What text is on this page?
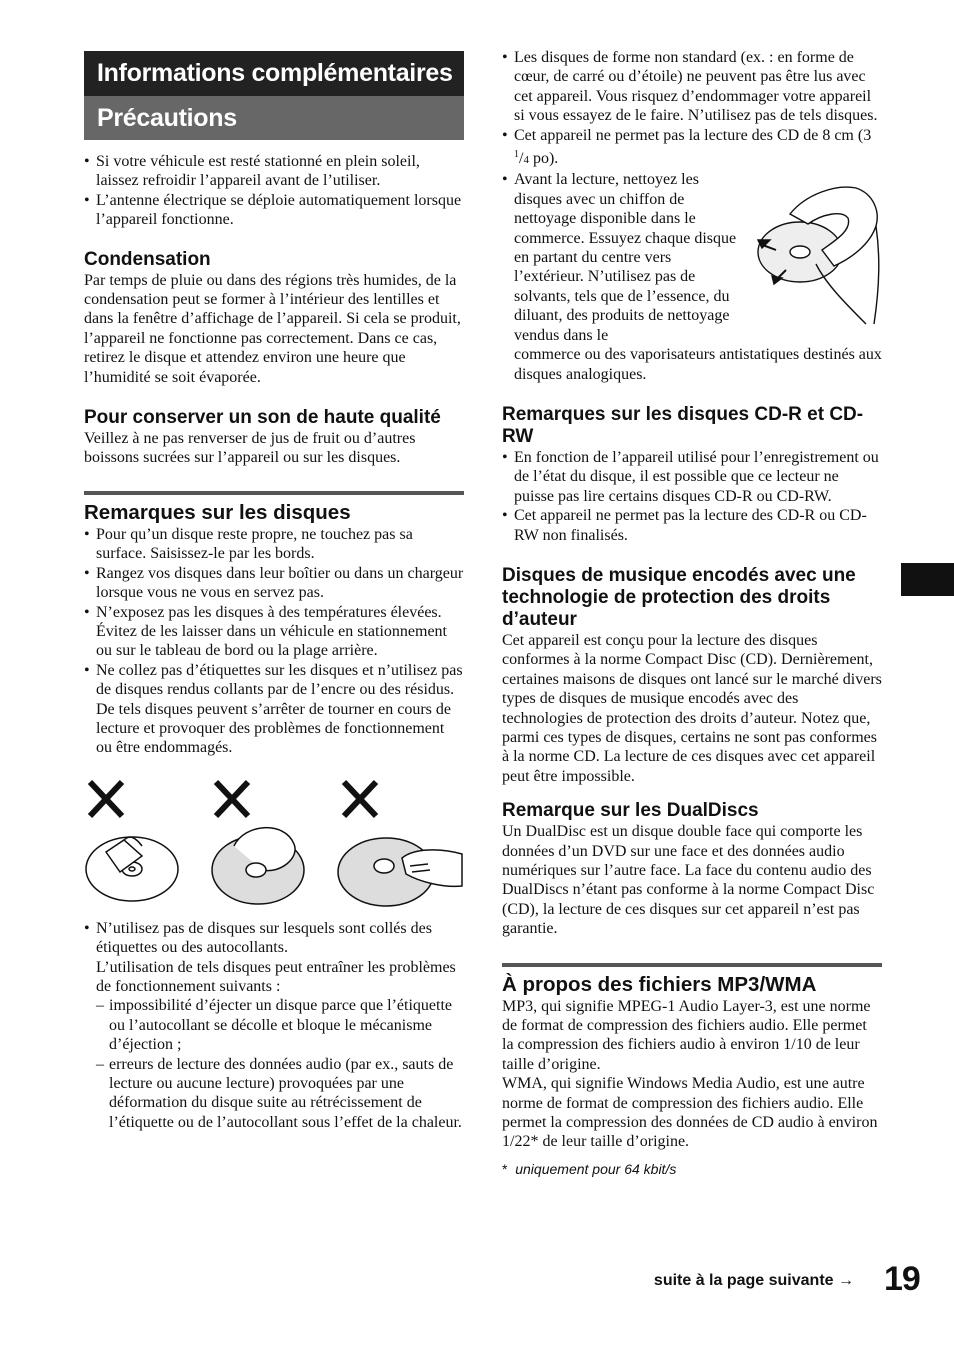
Informations complémentaires
Précautions
• Si votre véhicule est resté stationné en plein soleil, laissez refroidir l’appareil avant de l’utiliser.
• L’antenne électrique se déploie automatiquement lorsque l’appareil fonctionne.
Condensation

Par temps de pluie ou dans des régions très humides, de la condensation peut se former à l’intérieur des lentilles et dans la fenêtre d’affichage de l’appareil. Si cela se produit, l’appareil ne fonctionne pas correctement. Dans ce cas, retirez le disque et attendez environ une heure que l’humidité se soit évaporée.

Pour conserver un son de haute qualité

Veillez à ne pas renverser de jus de fruit ou d’autres boissons sucrées sur l’appareil ou sur les disques.

Remarques sur les disques
• Pour qu’un disque reste propre, ne touchez pas sa surface. Saisissez-le par les bords.
• Rangez vos disques dans leur boîtier ou dans un chargeur lorsque vous ne vous en servez pas.
• N’exposez pas les disques à des températures élevées. Évitez de les laisser dans un véhicule en stationnement ou sur le tableau de bord ou la plage arrière.
• Ne collez pas d’étiquettes sur les disques et n’utilisez pas de disques rendus collants par de l’encre ou des résidus. De tels disques peuvent s’arrêter de tourner en cours de lecture et provoquer des problèmes de fonctionnement ou être endommagés.
• N’utilisez pas de disques sur lesquels sont collés des étiquettes ou des autocollants.
L’utilisation de tels disques peut entraîner les problèmes de fonctionnement suivants :
– impossibilité d’éjecter un disque parce que l’étiquette ou l’autocollant se décolle et bloque le mécanisme d’éjection ;
– erreurs de lecture des données audio (par ex., sauts de lecture ou aucune lecture) provoquées par une déformation du disque suite au rétrécissement de l’étiquette ou de l’autocollant sous l’effet de la chaleur.
• Les disques de forme non standard (ex. : en forme de cœur, de carré ou d’étoile) ne peuvent pas être lus avec cet appareil. Vous risquez d’endommager votre appareil si vous essayez de le faire. N’utilisez pas de tels disques.
• Cet appareil ne permet pas la lecture des CD de 8 cm (3 $^1$/4 po).
• Avant la lecture, nettoyez les disques avec un chiffon de nettoyage disponible dans le commerce. Essuyez chaque disque en partant du centre vers l’extérieur. N’utilisez pas de solvants, tels que de l’essence, du diluant, des produits de nettoyage vendus dans le
commerce ou des vaporisateurs antistatiques destinés aux disques analogiques.
Remarques sur les disques CD-R et CD-RW
• En fonction de l’appareil utilisé pour l’enregistrement ou de l’état du disque, il est possible que ce lecteur ne puisse pas lire certains disques CD-R ou CD-RW.
• Cet appareil ne permet pas la lecture des CD-R ou CD-RW non finalisés.
Disques de musique encodés avec une technologie de protection des droits d’auteur

Cet appareil est conçu pour la lecture des disques conformes à la norme Compact Disc (CD). Dernièrement, certaines maisons de disques ont lancé sur le marché divers types de disques de musique encodés avec des technologies de protection des droits d’auteur. Notez que, parmi ces types de disques, certains ne sont pas conformes à la norme CD. La lecture de ces disques avec cet appareil peut être impossible.

Remarque sur les DualDiscs

Un DualDisc est un disque double face qui comporte les données d’un DVD sur une face et des données audio numériques sur l’autre face. La face du contenu audio des DualDiscs n’étant pas conforme à la norme Compact Disc (CD), la lecture de ces disques sur cet appareil n’est pas garantie.

À propos des fichiers MP3/WMA

MP3, qui signifie MPEG-1 Audio Layer-3, est une norme de format de compression des fichiers audio. Elle permet la compression des fichiers audio à environ 1/10 de leur taille d’origine.

WMA, qui signifie Windows Media Audio, est une autre norme de format de compression des fichiers audio. Elle permet la compression des données de CD audio à environ 1/22* de leur taille d’origine.

* uniquement pour 64 kbit/s
suite à la page suivante → 19
